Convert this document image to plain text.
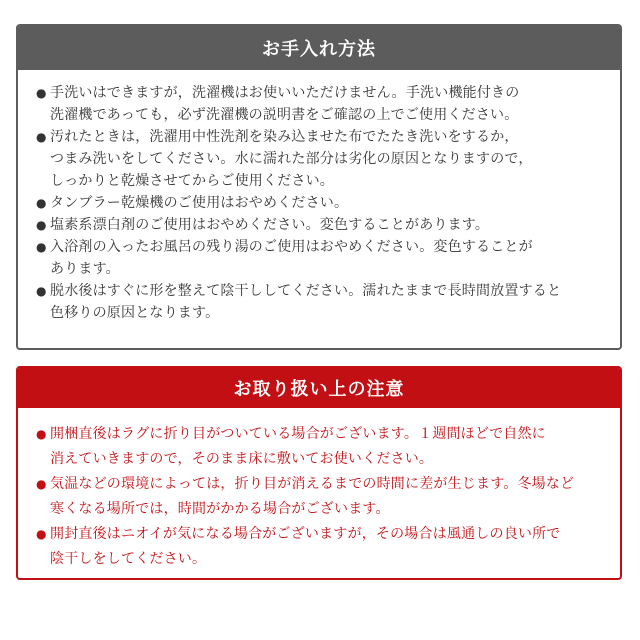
お手入れ方法
● 手洗いはできますが，洗濯機はお使いいただけません。手洗い機能付きの
洗濯機であっても，必ず洗濯機の説明書をご確認の上でご使用ください。
● 汚れたときは，洗濯用中性洗剤を染み込ませた布でたたき洗いをするか，
つまみ洗いをしてください。水に濡れた部分は劣化の原因となりますので，
しっかりと乾燥させてからご使用ください。
● タンブラー乾燥機のご使用はおやめください。
● 塩素系漂白剤のご使用はおやめください。変色することがあります。
● 入浴剤の入ったお風呂の残り湯のご使用はおやめください。変色することが
あります。
● 脱水後はすぐに形を整えて陰干ししてください。濡れたままで長時間放置すると
色移りの原因となります。
お取り扱い上の注意
● 開梱直後はラグに折り目がついている場合がございます。１週間ほどで自然に
消えていきますので，そのまま床に敷いてお使いください。
● 気温などの環境によっては，折り目が消えるまでの時間に差が生じます。冬場など
寒くなる場所では，時間がかかる場合がございます。
● 開封直後はニオイが気になる場合がございますが，その場合は風通しの良い所で
陰干しをしてください。
